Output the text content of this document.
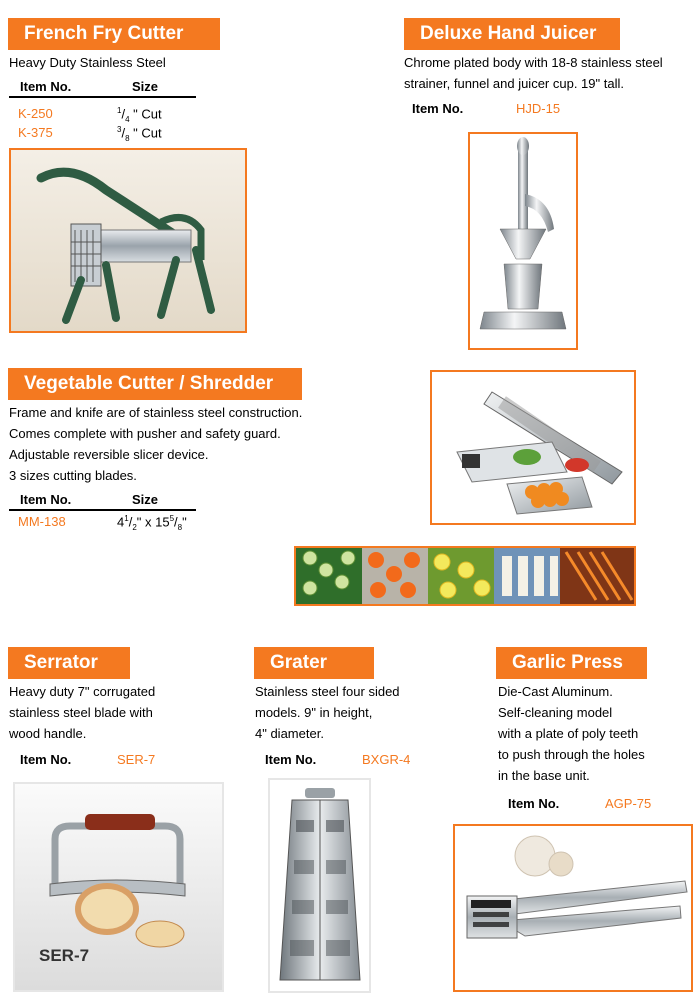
French Fry Cutter
Heavy Duty Stainless Steel
Item No.	Size
K-250	$^1/_4$ " Cut
K-375	$^3/_8$ " Cut
Deluxe Hand Juicer
Chrome plated body with 18-8 stainless steel
strainer, funnel and juicer cup. 19" tall.
Item No.	HJD-15
Vegetable Cutter / Shredder
Frame and knife are of stainless steel construction.
Comes complete with pusher and safety guard.
Adjustable reversible slicer device.
3 sizes cutting blades.
Item No.	Size
MM-138	$4^1/_2$" x $15^5/_8$"
Serrator
Heavy duty 7" corrugated
stainless steel blade with
wood handle.
Item No.	SER-7
SER-7
Grater
Stainless steel four sided
models. 9" in height,
4" diameter.
Item No.	BXGR-4
Garlic Press
Die-Cast Aluminum.
Self-cleaning model
with a plate of poly teeth
to push through the holes
in the base unit.
Item No.	AGP-75
